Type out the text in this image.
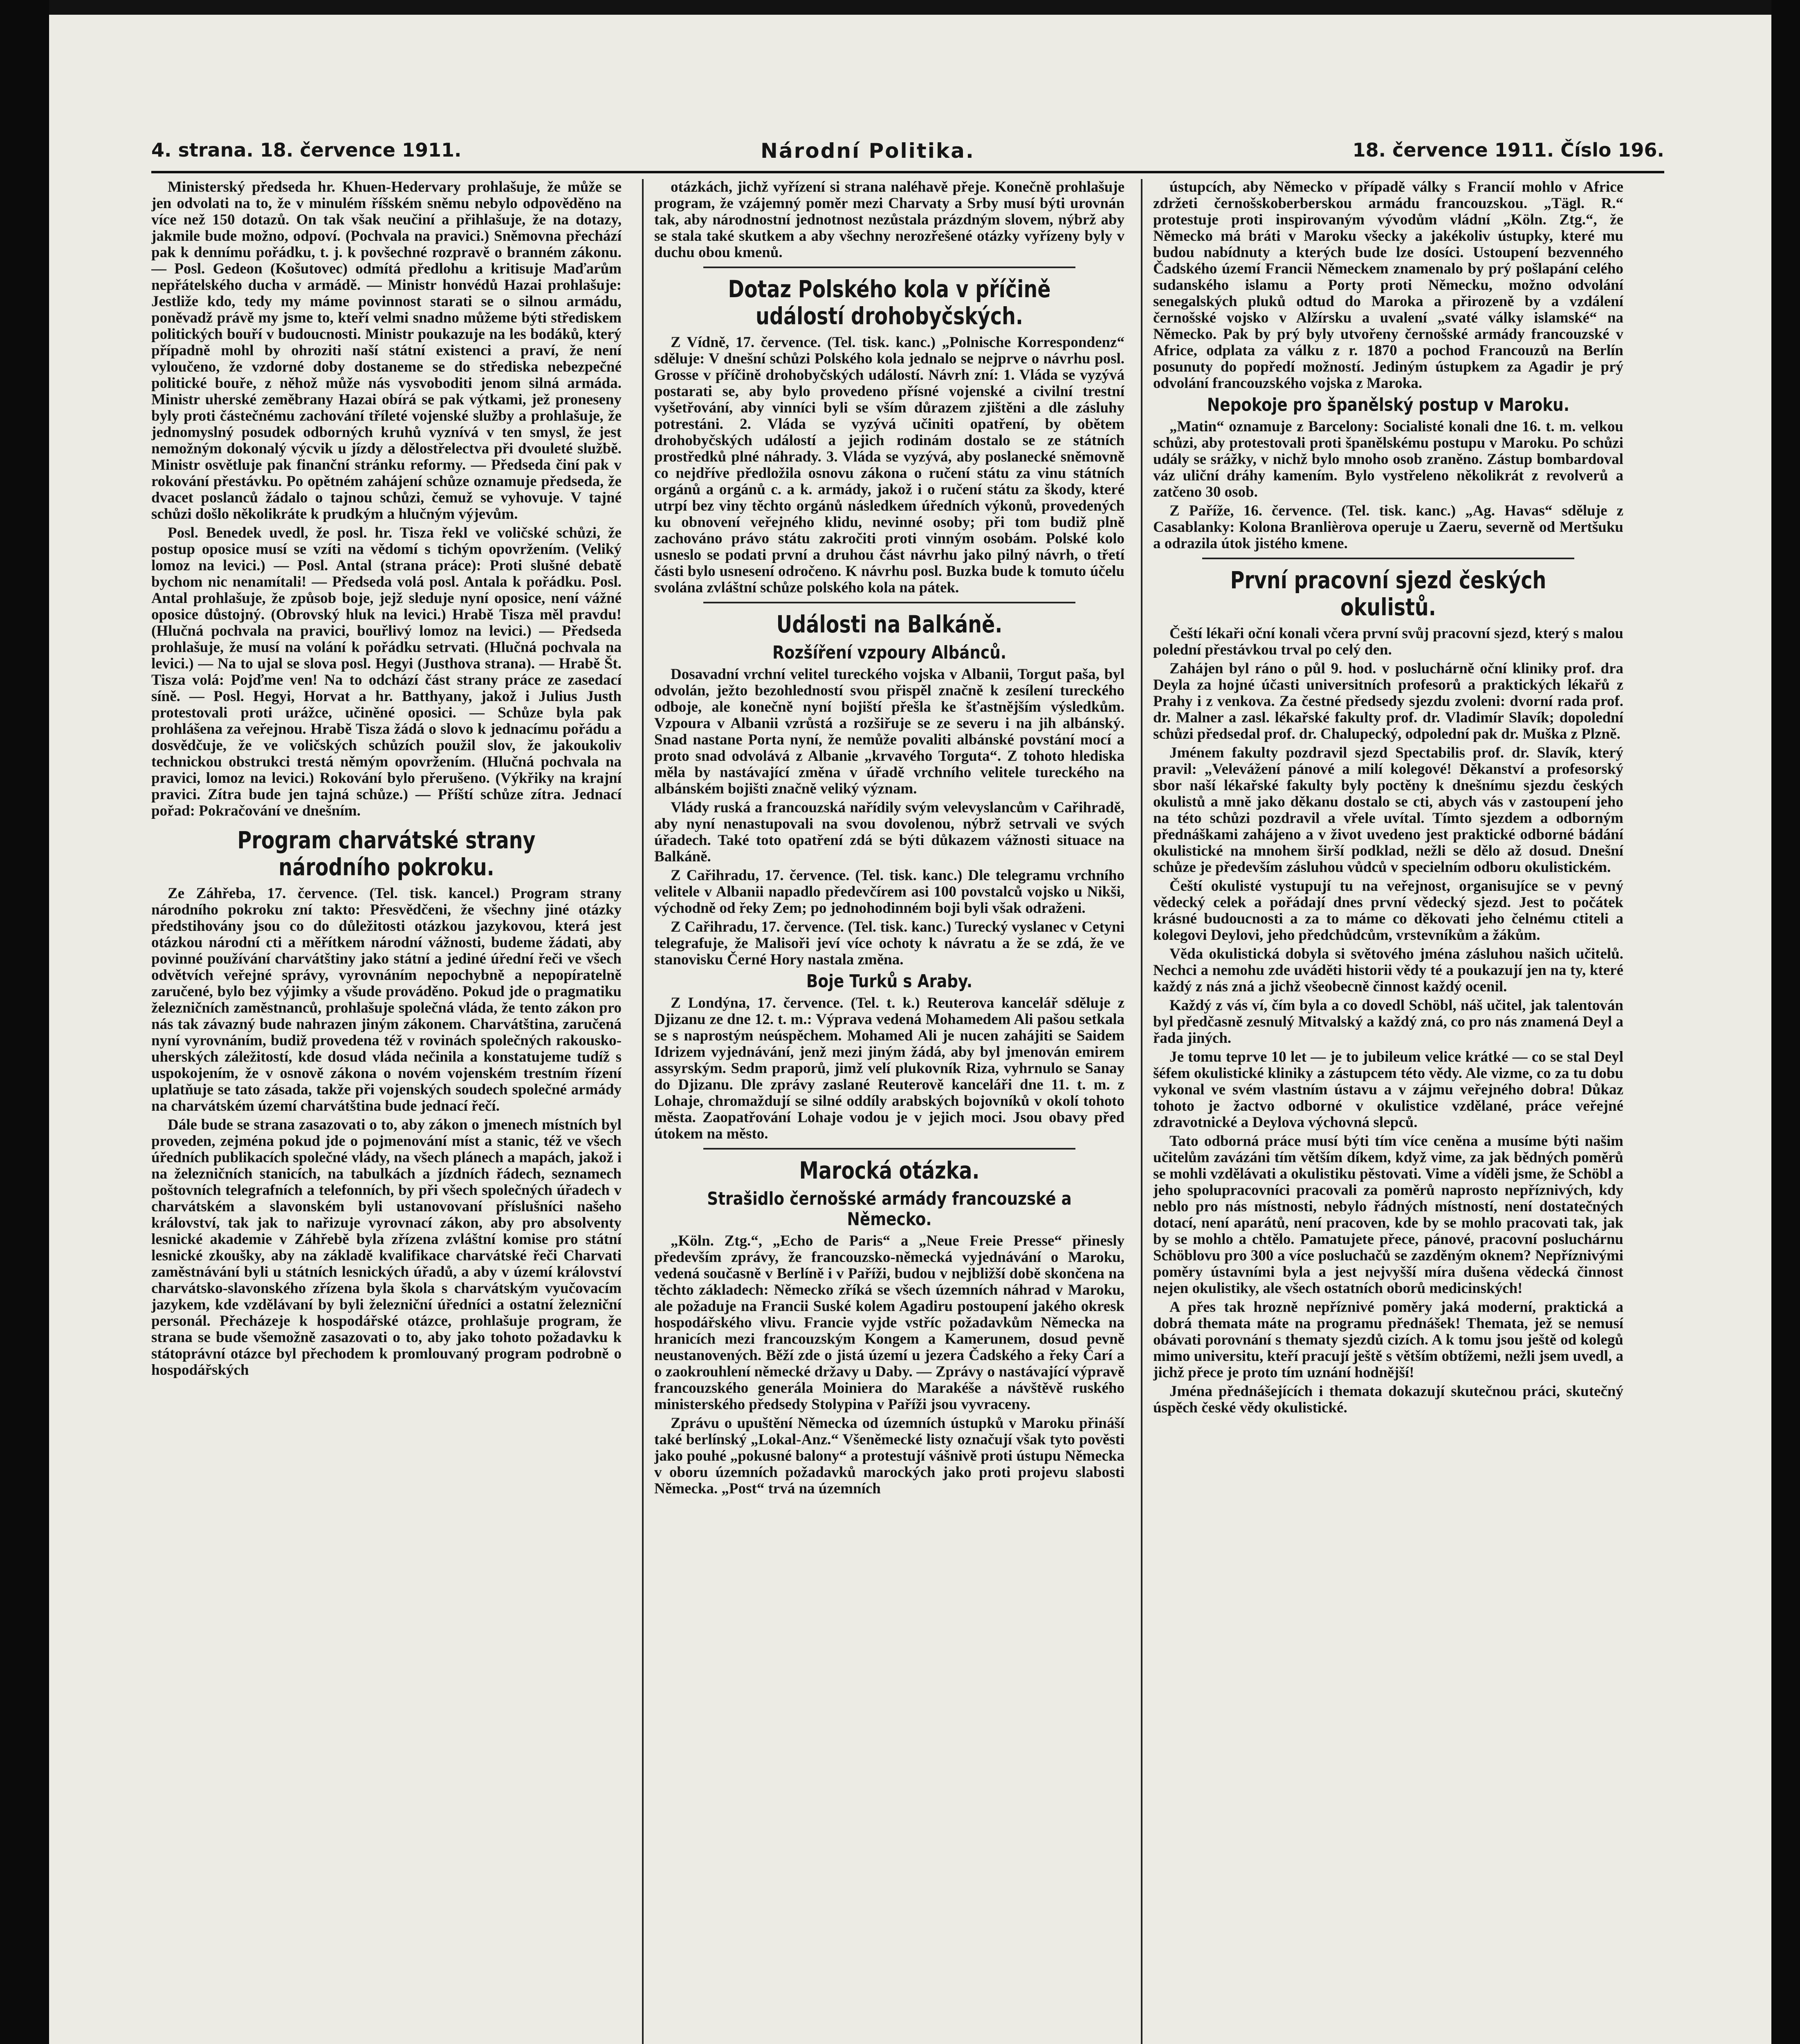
4. strana. 18. července 1911.	Národní Politika.	18. července 1911. Číslo 196.

Ministerský předseda hr. Khuen-Hedervary prohlašuje, že může se jen odvolati na to, že v minulém říšském sněmu nebylo odpověděno na více než 150 dotazů. On tak však neučiní a přihlašuje, že na dotazy, jakmile bude možno, odpoví. (Pochvala na pravici.) Sněmovna přechází pak k dennímu pořádku, t. j. k povšechné rozpravě o branném zákonu. — Posl. Gedeon (Košutovec) odmítá předlohu a kritisuje Maďarům nepřátelského ducha v armádě. — Ministr honvédů Hazai prohlašuje: Jestliže kdo, tedy my máme povinnost starati se o silnou armádu, poněvadž právě my jsme to, kteří velmi snadno můžeme býti střediskem politických bouří v budoucnosti. Ministr poukazuje na les bodáků, který případně mohl by ohroziti naší státní existenci a praví, že není vyloučeno, že vzdorné doby dostaneme se do střediska nebezpečné politické bouře, z něhož může nás vysvoboditi jenom silná armáda. Ministr uherské zeměbrany Hazai obírá se pak výtkami, jež proneseny byly proti částečnému zachování tříleté vojenské služby a prohlašuje, že jednomyslný posudek odborných kruhů vyznívá v ten smysl, že jest nemožným dokonalý výcvik u jízdy a dělostřelectva při dvouleté službě. Ministr osvětluje pak finanční stránku reformy. — Předseda činí pak v rokování přestávku. Po opětném zahájení schůze oznamuje předseda, že dvacet poslanců žádalo o tajnou schůzi, čemuž se vyhovuje. V tajné schůzi došlo několikráte k prudkým a hlučným výjevům.

Posl. Benedek uvedl, že posl. hr. Tisza řekl ve voličské schůzi, že postup oposice musí se vzíti na vědomí s tichým opovržením. (Veliký lomoz na levici.) — Posl. Antal (strana práce): Proti slušné debatě bychom nic nenamítali! — Předseda volá posl. Antala k pořádku. Posl. Antal prohlašuje, že způsob boje, jejž sleduje nyní oposice, není vážné oposice důstojný. (Obrovský hluk na levici.) Hrabě Tisza měl pravdu! (Hlučná pochvala na pravici, bouřlivý lomoz na levici.) — Předseda prohlašuje, že musí na volání k pořádku setrvati. (Hlučná pochvala na levici.) — Na to ujal se slova posl. Hegyi (Justhova strana). — Hrabě Št. Tisza volá: Pojďme ven! Na to odchází část strany práce ze zasedací síně. — Posl. Hegyi, Horvat a hr. Batthyany, jakož i Julius Justh protestovali proti urážce, učiněné oposici. — Schůze byla pak prohlášena za veřejnou. Hrabě Tisza žádá o slovo k jednacímu pořádu a dosvědčuje, že ve voličských schůzích použil slov, že jakoukoliv technickou obstrukci trestá němým opovržením. (Hlučná pochvala na pravici, lomoz na levici.) Rokování bylo přerušeno. (Výkřiky na krajní pravici. Zítra bude jen tajná schůze.) — Příští schůze zítra. Jednací pořad: Pokračování ve dnešním.

Program charvátské strany národního pokroku.

Ze Záhřeba, 17. července. (Tel. tisk. kancel.) Program strany národního pokroku zní takto: Přesvědčeni, že všechny jiné otázky předstihovány jsou co do důležitosti otázkou jazykovou, která jest otázkou národní cti a měřítkem národní vážnosti, budeme žádati, aby povinné používání charvátštiny jako státní a jediné úřední řeči ve všech odvětvích veřejné správy, vyrovnáním nepochybně a nepopíratelně zaručené, bylo bez výjimky a všude prováděno. Pokud jde o pragmatiku železničních zaměstnanců, prohlašuje společná vláda, že tento zákon pro nás tak závazný bude nahrazen jiným zákonem. Charvátština, zaručená nyní vyrovnáním, budiž provedena též v rovinách společných rakousko-uherských záležitostí, kde dosud vláda nečinila a konstatujeme tudíž s uspokojením, že v osnově zákona o novém vojenském trestním řízení uplatňuje se tato zásada, takže při vojenských soudech společné armády na charvátském území charvátština bude jednací řečí.

Dále bude se strana zasazovati o to, aby zákon o jmenech místních byl proveden, zejména pokud jde o pojmenování míst a stanic, též ve všech úředních publikacích společné vlády, na všech plánech a mapách, jakož i na železničních stanicích, na tabulkách a jízdních řádech, seznamech poštovních telegrafních a telefonních, by při všech společných úřadech v charvátském a slavonském byli ustanovovaní příslušníci našeho království, tak jak to nařizuje vyrovnací zákon, aby pro absolventy lesnické akademie v Záhřebě byla zřízena zvláštní komise pro státní lesnické zkoušky, aby na základě kvalifikace charvátské řeči Charvati zaměstnávání byli u státních lesnických úřadů, a aby v území království charvátsko-slavonského zřízena byla škola s charvátským vyučovacím jazykem, kde vzdělávaní by byli železniční úředníci a ostatní železniční personál. Přecházeje k hospodářské otázce, prohlašuje program, že strana se bude všemožně zasazovati o to, aby jako tohoto požadavku k státoprávní otázce byl přechodem k promlouvaný program podrobně o hospodářských

otázkách, jichž vyřízení si strana naléhavě přeje. Konečně prohlašuje program, že vzájemný poměr mezi Charvaty a Srby musí býti urovnán tak, aby národnostní jednotnost nezůstala prázdným slovem, nýbrž aby se stala také skutkem a aby všechny nerozřešené otázky vyřízeny byly v duchu obou kmenů.

Dotaz Polského kola v příčině událostí drohobyčských.

Z Vídně, 17. července. (Tel. tisk. kanc.) „Polnische Korrespondenz“ sděluje: V dnešní schůzi Polského kola jednalo se nejprve o návrhu posl. Grosse v příčině drohobyčských událostí. Návrh zní: 1. Vláda se vyzývá postarati se, aby bylo provedeno přísné vojenské a civilní trestní vyšetřování, aby vinníci byli se vším důrazem zjištěni a dle zásluhy potrestáni. 2. Vláda se vyzývá učiniti opatření, by obětem drohobyčských událostí a jejich rodinám dostalo se ze státních prostředků plné náhrady. 3. Vláda se vyzývá, aby poslanecké sněmovně co nejdříve předložila osnovu zákona o ručení státu za vinu státních orgánů a orgánů c. a k. armády, jakož i o ručení státu za škody, které utrpí bez viny těchto orgánů následkem úředních výkonů, provedených ku obnovení veřejného klidu, nevinné osoby; při tom budiž plně zachováno právo státu zakročiti proti vinným osobám. Polské kolo usneslo se podati první a druhou část návrhu jako pilný návrh, o třetí části bylo usnesení odročeno. K návrhu posl. Buzka bude k tomuto účelu svolána zvláštní schůze polského kola na pátek.

Události na Balkáně.
Rozšíření vzpoury Albánců.

Dosavadní vrchní velitel tureckého vojska v Albanii, Torgut paša, byl odvolán, ježto bezohledností svou přispěl značně k zesílení tureckého odboje, ale konečně nyní bojiští přešla ke šťastnějším výsledkům. Vzpoura v Albanii vzrůstá a rozšiřuje se ze severu i na jih albánský. Snad nastane Porta nyní, že nemůže povaliti albánské povstání mocí a proto snad odvolává z Albanie „krvavého Torguta“. Z tohoto hlediska měla by nastávající změna v úřadě vrchního velitele tureckého na albánském bojišti značně veliký význam.

Vlády ruská a francouzská nařídily svým velevyslancům v Cařihradě, aby nyní nenastupovali na svou dovolenou, nýbrž setrvali ve svých úřadech. Také toto opatření zdá se býti důkazem vážnosti situace na Balkáně.

Z Cařihradu, 17. července. (Tel. tisk. kanc.) Dle telegramu vrchního velitele v Albanii napadlo předevčírem asi 100 povstalců vojsko u Nikši, východně od řeky Zem; po jednohodinném boji byli však odraženi.

Z Cařihradu, 17. července. (Tel. tisk. kanc.) Turecký vyslanec v Cetyni telegrafuje, že Malisoři jeví více ochoty k návratu a že se zdá, že ve stanovisku Černé Hory nastala změna.

Boje Turků s Araby.

Z Londýna, 17. července. (Tel. t. k.) Reuterova kancelář sděluje z Djizanu ze dne 12. t. m.: Výprava vedená Mohamedem Ali pašou setkala se s naprostým neúspěchem. Mohamed Ali je nucen zahájiti se Saidem Idrizem vyjednávání, jenž mezi jiným žádá, aby byl jmenován emirem assyrským. Sedm praporů, jimž velí plukovník Riza, vyhrnulo se Sanay do Djizanu. Dle zprávy zaslané Reuterově kanceláři dne 11. t. m. z Lohaje, chromaždují se silné oddíly arabských bojovníků v okolí tohoto města. Zaopatřování Lohaje vodou je v jejich moci. Jsou obavy před útokem na město.

Marocká otázka.
Strašidlo černošské armády francouzské a Německo.

„Köln. Ztg.“, „Echo de Paris“ a „Neue Freie Presse“ přinesly především zprávy, že francouzsko-německá vyjednávání o Maroku, vedená současně v Berlíně i v Paříži, budou v nejbližší době skončena na těchto základech: Německo zříká se všech územních náhrad v Maroku, ale požaduje na Francii Suské kolem Agadiru postoupení jakého okresk hospodářského vlivu. Francie vyjde vstříc požadavkům Německa na hranicích mezi francouzským Kongem a Kamerunem, dosud pevně neustanovených. Běží zde o jistá území u jezera Čadského a řeky Čarí a o zaokrouhlení německé državy u Daby. — Zprávy o nastávající výpravě francouzského generála Moiniera do Marakéše a návštěvě ruského ministerského předsedy Stolypina v Paříži jsou vyvraceny.

Zprávu o upuštění Německa od územních ústupků v Maroku přináší také berlínský „Lokal-Anz.“ Všeněmecké listy označují však tyto pověsti jako pouhé „pokusné balony“ a protestují vášnivě proti ústupu Německa v oboru územních požadavků marockých jako proti projevu slabosti Německa. „Post“ trvá na územních

ústupcích, aby Německo v případě války s Francií mohlo v Africe zdržeti černošskoberberskou armádu francouzskou. „Tägl. R.“ protestuje proti inspirovaným vývodům vládní „Köln. Ztg.“, že Německo má bráti v Maroku všecky a jakékoliv ústupky, které mu budou nabídnuty a kterých bude lze dosíci. Ustoupení bezvenného Čadského území Francii Německem znamenalo by prý pošlapání celého sudanského islamu a Porty proti Německu, možno odvolání senegalských pluků odtud do Maroka a přirozeně by a vzdálení černošské vojsko v Alžírsku a uvalení „svaté války islamské“ na Německo. Pak by prý byly utvořeny černošské armády francouzské v Africe, odplata za válku z r. 1870 a pochod Francouzů na Berlín posunuty do popředí možností. Jediným ústupkem za Agadir je prý odvolání francouzského vojska z Maroka.

Nepokoje pro španělský postup v Maroku.

„Matin“ oznamuje z Barcelony: Socialisté konali dne 16. t. m. velkou schůzi, aby protestovali proti španělskému postupu v Maroku. Po schůzi udály se srážky, v nichž bylo mnoho osob zraněno. Zástup bombardoval váz uliční dráhy kamením. Bylo vystřeleno několikrát z revolverů a zatčeno 30 osob.

Z Paříže, 16. července. (Tel. tisk. kanc.) „Ag. Havas“ sděluje z Casablanky: Kolona Branlièrova operuje u Zaeru, severně od Mertšuku a odrazila útok jistého kmene.

První pracovní sjezd českých okulistů.

Čeští lékaři oční konali včera první svůj pracovní sjezd, který s malou polední přestávkou trval po celý den.

Zahájen byl ráno o půl 9. hod. v posluchárně oční kliniky prof. dra Deyla za hojné účasti universitních profesorů a praktických lékařů z Prahy i z venkova. Za čestné předsedy sjezdu zvoleni: dvorní rada prof. dr. Malner a zasl. lékařské fakulty prof. dr. Vladimír Slavík; dopolední schůzi předsedal prof. dr. Chalupecký, odpolední pak dr. Muška z Plzně.

Jménem fakulty pozdravil sjezd Spectabilis prof. dr. Slavík, který pravil: „Velevážení pánové a milí kolegové! Děkanství a profesorský sbor naší lékařské fakulty byly poctěny k dnešnímu sjezdu českých okulistů a mně jako děkanu dostalo se cti, abych vás v zastoupení jeho na této schůzi pozdravil a vřele uvítal. Tímto sjezdem a odborným přednáškami zahájeno a v život uvedeno jest praktické odborné bádání okulistické na mnohem širší podklad, nežli se dělo až dosud. Dnešní schůze je především zásluhou vůdců v specielním odboru okulistickém.

Čeští okulisté vystupují tu na veřejnost, organisujíce se v pevný vědecký celek a pořádají dnes první vědecký sjezd. Jest to počátek krásné budoucnosti a za to máme co děkovati jeho čelnému ctiteli a kolegovi Deylovi, jeho předchůdcům, vrstevníkům a žákům.

Věda okulistická dobyla si světového jména zásluhou našich učitelů. Nechci a nemohu zde uváděti historii vědy té a poukazují jen na ty, které každý z nás zná a jichž všeobecně činnost každý ocenil.

Každý z vás ví, čím byla a co dovedl Schöbl, náš učitel, jak talentován byl předčasně zesnulý Mitvalský a každý zná, co pro nás znamená Deyl a řada jiných.

Je tomu teprve 10 let — je to jubileum velice krátké — co se stal Deyl šéfem okulistické kliniky a zástupcem této vědy. Ale vizme, co za tu dobu vykonal ve svém vlastním ústavu a v zájmu veřejného dobra! Důkaz tohoto je žactvo odborné v okulistice vzdělané, práce veřejné zdravotnické a Deylova výchovná slepců.

Tato odborná práce musí býti tím více ceněna a musíme býti našim učitelům zavázáni tím větším díkem, když vime, za jak bědných poměrů se mohli vzdělávati a okulistiku pěstovati. Vime a víděli jsme, že Schöbl a jeho spolupracovníci pracovali za poměrů naprosto nepříznivých, kdy neblo pro nás místnosti, nebylo řádných místností, není dostatečných dotací, není aparátů, není pracoven, kde by se mohlo pracovati tak, jak by se mohlo a chtělo. Pamatujete přece, pánové, pracovní posluchárnu Schöblovu pro 300 a více posluchačů se zazděným oknem? Nepříznivými poměry ústavními byla a jest nejvyšší míra dušena vědecká činnost nejen okulistiky, ale všech ostatních oborů medicinských!

A přes tak hrozně nepříznivé poměry jaká moderní, praktická a dobrá themata máte na programu přednášek! Themata, jež se nemusí obávati porovnání s thematy sjezdů cizích. A k tomu jsou ještě od kolegů mimo universitu, kteří pracují ještě s větším obtížemi, nežli jsem uvedl, a jichž přece je proto tím uznání hodnější!

Jména přednášejících i themata dokazují skutečnou práci, skutečný úspěch české vědy okulistické.
